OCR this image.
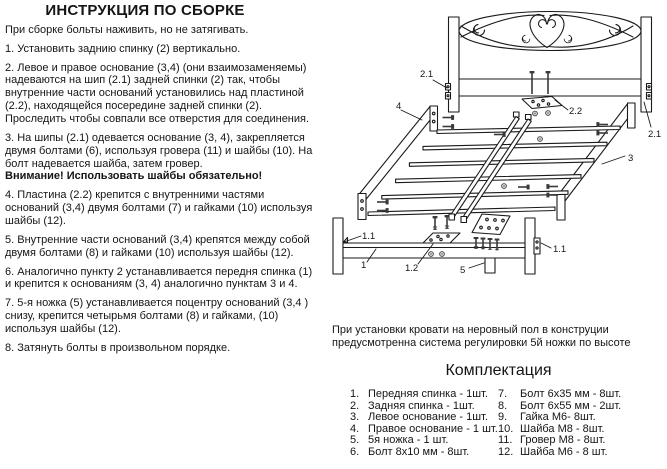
ИНСТРУКЦИЯ ПО СБОРКЕ

При сборке больты наживить, но не затягивать.

1. Установить заднию спинку (2) вертикально.

2. Левое и правое основание (3,4) (они взаимозаменяемы) надеваются на шип (2.1) задней спинки (2) так, чтобы внутренние части оснований установились над пластиной (2.2), находящейся посередине задней спинки (2). Проследить чтобы совпали все отверстия для соединения.

3. На шипы (2.1) одевается основание (3, 4), закрепляется двумя болтами (6), используя гровера (11) и шайбы (10). На болт надевается шайба, затем гровер.
Внимание! Использовать шайбы обязательно!

4. Пластина (2.2) крепится с внутренними частями оснований (3,4) двумя болтами (7) и гайками (10) используя шайбы (12).

5. Внутренние части оснований (3,4) крепятся между собой двумя болтами (8) и гайками (10) используя шайбы (12).

6. Аналогично пункту 2 устанавливается передня спинка (1) и крепится к основаниям (3, 4) аналогично пунктам 3 и 4.

7. 5-я ножка (5) устанавливается поцентру оснований (3,4 ) снизу, крепится четырьмя болтами (8) и гайками, (10) используя шайбы (12).

8. Затянуть болты в произвольном порядке.

2.1
2.2
2.1
4
3
1.1
1	1.2	5
1.1

При установки кровати на неровный пол в конструции предусмотренна система регулировки 5й ножки по высоте

Комплектация
1. Передняя спинка - 1шт.
2. Задняя спинка - 1шт.
3. Левое основание - 1шт.
4. Правое основание - 1 шт.
5. 5я ножка - 1 шт.
6. Болт 8х10 мм - 8шт.
7.	Болт 6х35 мм - 8шт.
8.	Болт 6х55 мм - 2шт.
9.	Гайка М6- 8шт.
10. Шайба М8 - 8шт.
11. Гровер М8 - 8шт.
12. Шайба М6 - 8 шт.
